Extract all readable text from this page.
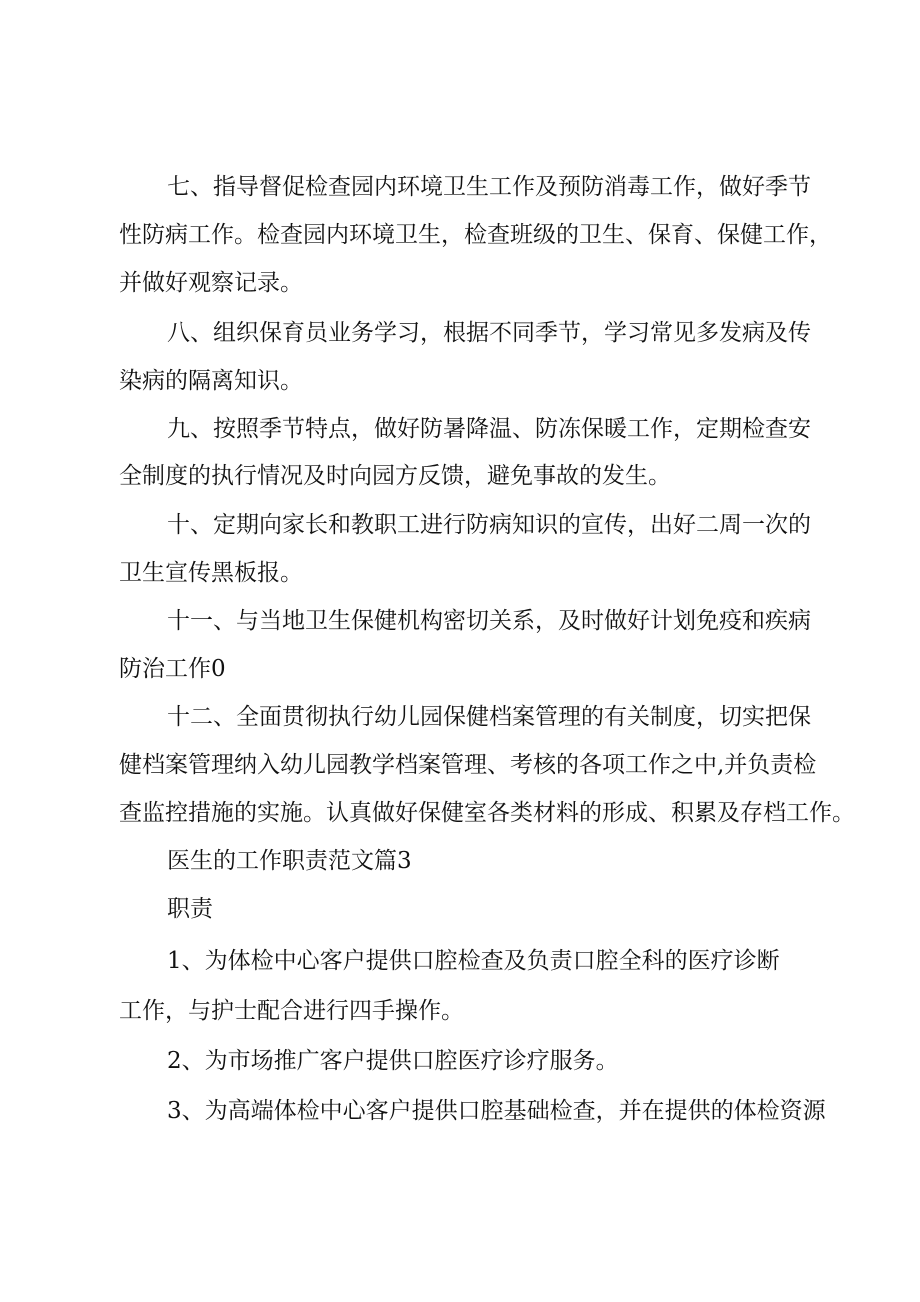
七、指导督促检查园内环境卫生工作及预防消毒工作，做好季节
性防病工作。检查园内环境卫生，检查班级的卫生、保育、保健工作，
并做好观察记录。
八、组织保育员业务学习，根据不同季节，学习常见多发病及传
染病的隔离知识。
九、按照季节特点，做好防暑降温、防冻保暖工作，定期检查安
全制度的执行情况及时向园方反馈，避免事故的发生。
十、定期向家长和教职工进行防病知识的宣传，出好二周一次的
卫生宣传黑板报。
十一、与当地卫生保健机构密切关系，及时做好计划免疫和疾病
防治工作0
十二、全面贯彻执行幼儿园保健档案管理的有关制度，切实把保
健档案管理纳入幼儿园教学档案管理、考核的各项工作之中,并负责检
查监控措施的实施。认真做好保健室各类材料的形成、积累及存档工作。
医生的工作职责范文篇3
职责
1、为体检中心客户提供口腔检查及负责口腔全科的医疗诊断
工作，与护士配合进行四手操作。
2、为市场推广客户提供口腔医疗诊疗服务。
3、为高端体检中心客户提供口腔基础检查，并在提供的体检资源
